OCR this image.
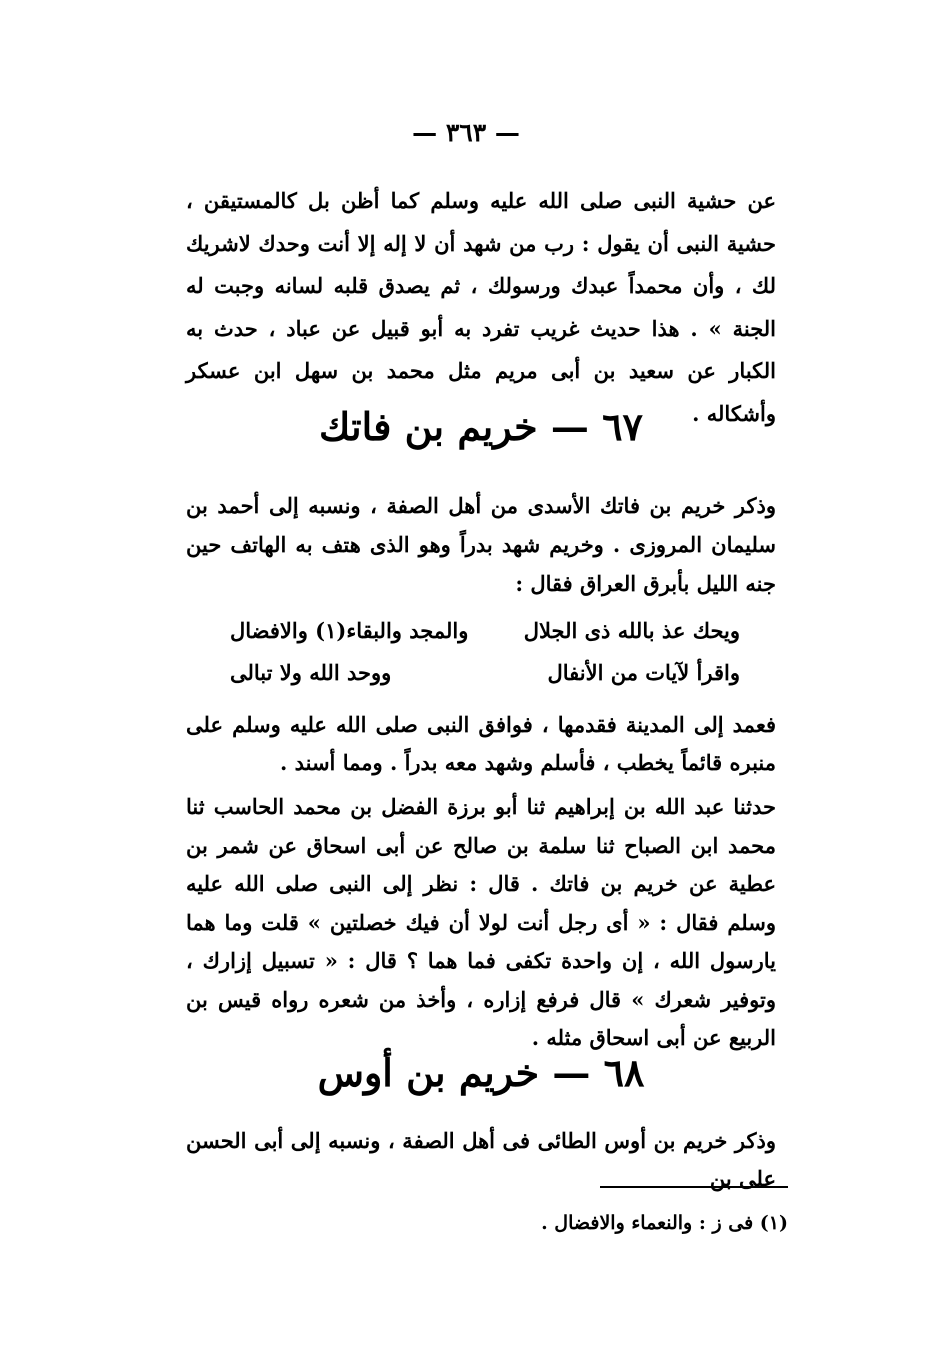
— ٣٦٣ —

عن حشية النبى صلى الله عليه وسلم كما أظن بل كالمستيقن ، حشية النبى أن يقول : رب من شهد أن لا إله إلا أنت وحدك لاشريك لك ، وأن محمداً عبدك ورسولك ، ثم يصدق قلبه لسانه وجبت له الجنة » . هذا حديث غريب تفرد به أبو قبيل عن عباد ، حدث به الكبار عن سعيد بن أبى مريم مثل محمد بن سهل ابن عسكر وأشكاله .

٦٧ — خريم بن فاتك

وذكر خريم بن فاتك الأسدى من أهل الصفة ، ونسبه إلى أحمد بن سليمان المروزى . وخريم شهد بدراً وهو الذى هتف به الهاتف حين جنه الليل بأبرق العراق فقال :

ويحك عذ بالله ذى الجلال
والمجد والبقاء(١) والافضال
واقرأ لآيات من الأنفال
ووحد الله ولا تبالى

فعمد إلى المدينة فقدمها ، فوافق النبى صلى الله عليه وسلم على منبره قائماً يخطب ، فأسلم وشهد معه بدراً . ومما أسند .

حدثنا عبد الله بن إبراهيم ثنا أبو برزة الفضل بن محمد الحاسب ثنا محمد ابن الصباح ثنا سلمة بن صالح عن أبى اسحاق عن شمر بن عطية عن خريم بن فاتك . قال : نظر إلى النبى صلى الله عليه وسلم فقال : « أى رجل أنت لولا أن فيك خصلتين » قلت وما هما يارسول الله ، إن واحدة تكفى فما هما ؟ قال : « تسبيل إزارك ، وتوفير شعرك » قال فرفع إزاره ، وأخذ من شعره رواه قيس بن الربيع عن أبى اسحاق مثله .

٦٨ — خريم بن أوس

وذكر خريم بن أوس الطائى فى أهل الصفة ، ونسبه إلى أبى الحسن على بن

(١) فى ز : والنعماء والافضال .
